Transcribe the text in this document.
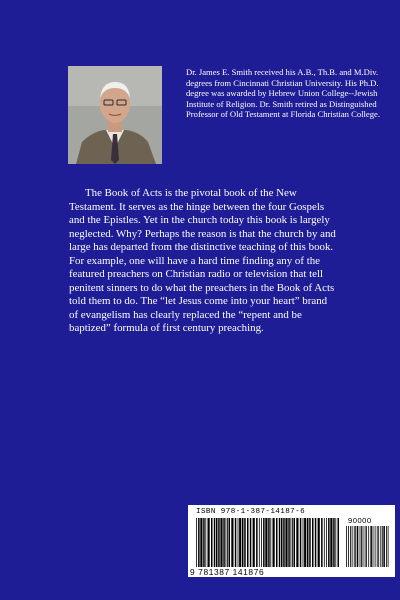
Dr. James E. Smith received his A.B., Th.B. and M.Div. degrees from Cincinnati Christian University. His Ph.D. degree was awarded by Hebrew Union College--Jewish Institute of Religion. Dr. Smith retired as Distinguished Professor of Old Testament at Florida Christian College.
The Book of Acts is the pivotal book of the New Testament. It serves as the hinge between the four Gospels and the Epistles. Yet in the church today this book is largely neglected. Why? Perhaps the reason is that the church by and large has departed from the distinctive teaching of this book. For example, one will have a hard time finding any of the featured preachers on Christian radio or television that tell penitent sinners to do what the preachers in the Book of Acts told them to do. The “let Jesus come into your heart” brand of evangelism has clearly replaced the “repent and be baptized” formula of first century preaching.
ISBN 978-1-387-14187-6
90000
9 781387 141876
